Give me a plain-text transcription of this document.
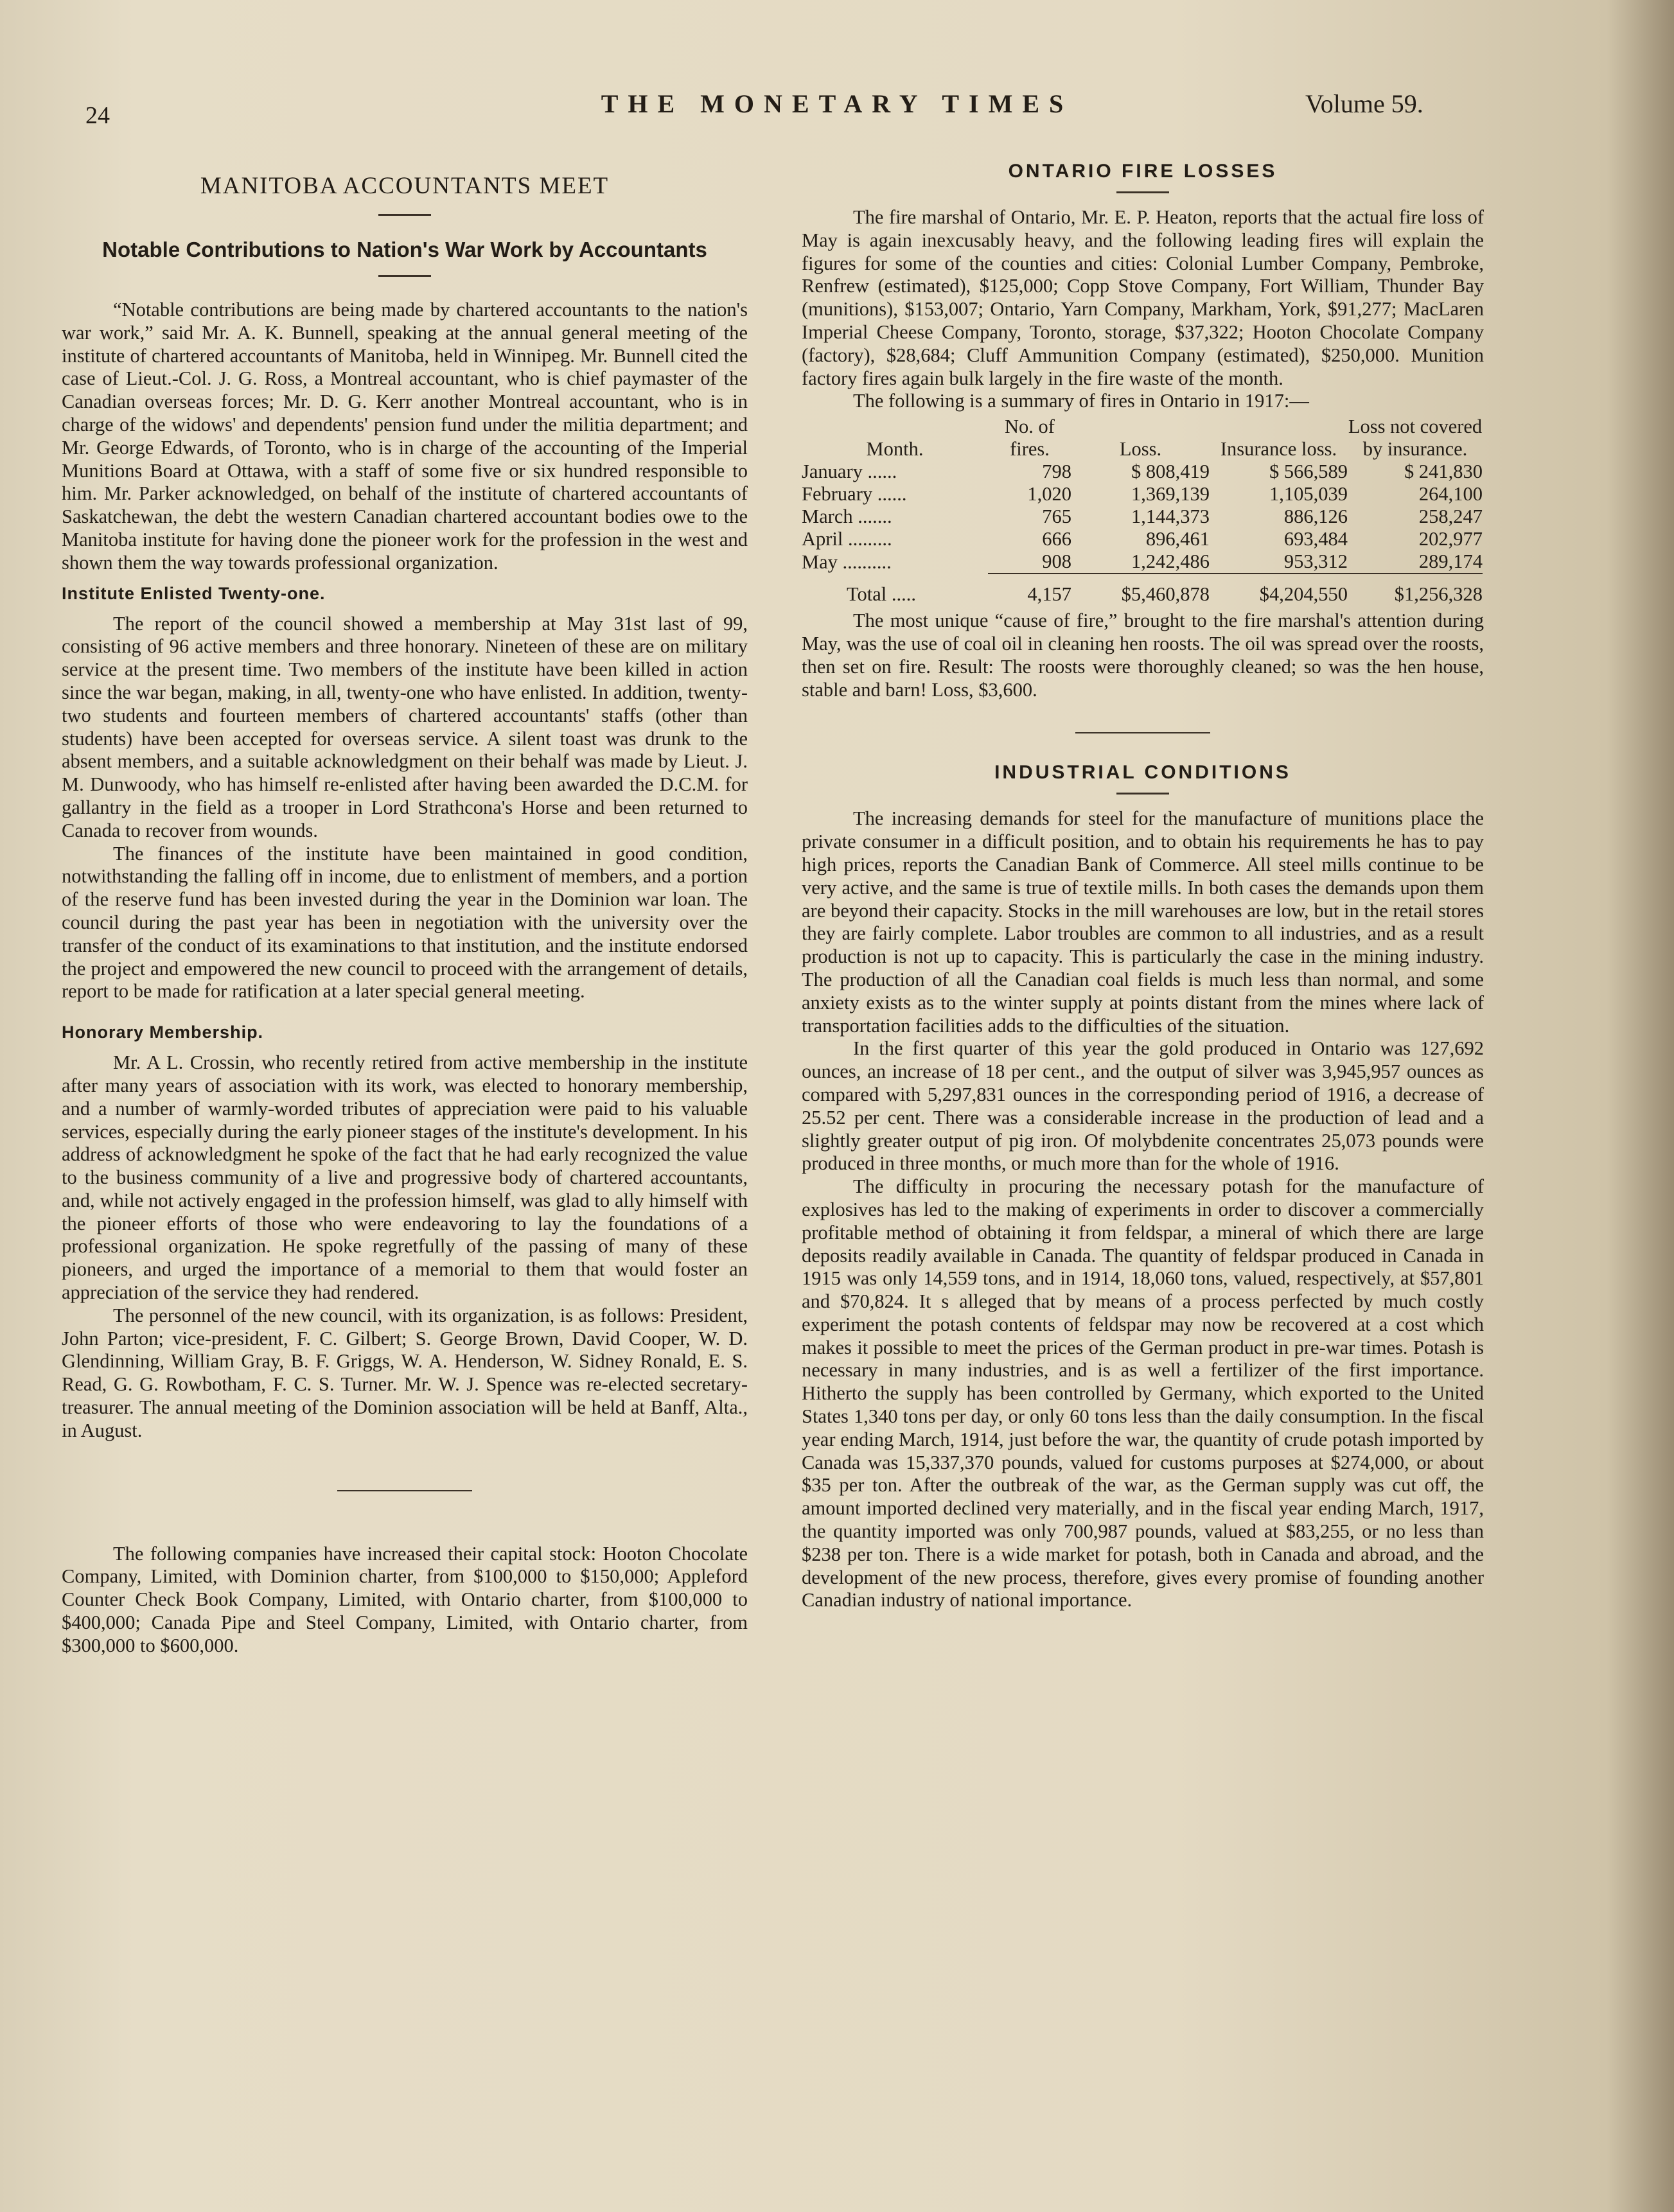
24	THE MONETARY TIMES	Volume 59.
MANITOBA ACCOUNTANTS MEET
Notable Contributions to Nation's War Work by Accountants

“Notable contributions are being made by chartered accountants to the nation's war work,” said Mr. A. K. Bunnell, speaking at the annual general meeting of the institute of chartered accountants of Manitoba, held in Winnipeg. Mr. Bunnell cited the case of Lieut.-Col. J. G. Ross, a Montreal accountant, who is chief paymaster of the Canadian overseas forces; Mr. D. G. Kerr another Montreal accountant, who is in charge of the widows' and dependents' pension fund under the militia department; and Mr. George Edwards, of Toronto, who is in charge of the accounting of the Imperial Munitions Board at Ottawa, with a staff of some five or six hundred responsible to him. Mr. Parker acknowledged, on behalf of the institute of chartered accountants of Saskatchewan, the debt the western Canadian chartered accountant bodies owe to the Manitoba institute for having done the pioneer work for the profession in the west and shown them the way towards professional organization.

Institute Enlisted Twenty-one.

The report of the council showed a membership at May 31st last of 99, consisting of 96 active members and three honorary. Nineteen of these are on military service at the present time. Two members of the institute have been killed in action since the war began, making, in all, twenty-one who have enlisted. In addition, twenty-two students and fourteen members of chartered accountants' staffs (other than students) have been accepted for overseas service. A silent toast was drunk to the absent members, and a suitable acknowledgment on their behalf was made by Lieut. J. M. Dunwoody, who has himself re-enlisted after having been awarded the D.C.M. for gallantry in the field as a trooper in Lord Strathcona's Horse and been returned to Canada to recover from wounds.

The finances of the institute have been maintained in good condition, notwithstanding the falling off in income, due to enlistment of members, and a portion of the reserve fund has been invested during the year in the Dominion war loan. The council during the past year has been in negotiation with the university over the transfer of the conduct of its examinations to that institution, and the institute endorsed the project and empowered the new council to proceed with the arrangement of details, report to be made for ratification at a later special general meeting.

Honorary Membership.

Mr. A L. Crossin, who recently retired from active membership in the institute after many years of association with its work, was elected to honorary membership, and a number of warmly-worded tributes of appreciation were paid to his valuable services, especially during the early pioneer stages of the institute's development. In his address of acknowledgment he spoke of the fact that he had early recognized the value to the business community of a live and progressive body of chartered accountants, and, while not actively engaged in the profession himself, was glad to ally himself with the pioneer efforts of those who were endeavoring to lay the foundations of a professional organization. He spoke regretfully of the passing of many of these pioneers, and urged the importance of a memorial to them that would foster an appreciation of the service they had rendered.

The personnel of the new council, with its organization, is as follows: President, John Parton; vice-president, F. C. Gilbert; S. George Brown, David Cooper, W. D. Glendinning, William Gray, B. F. Griggs, W. A. Henderson, W. Sidney Ronald, E. S. Read, G. G. Rowbotham, F. C. S. Turner. Mr. W. J. Spence was re-elected secretary-treasurer. The annual meeting of the Dominion association will be held at Banff, Alta., in August.

The following companies have increased their capital stock: Hooton Chocolate Company, Limited, with Dominion charter, from $100,000 to $150,000; Appleford Counter Check Book Company, Limited, with Ontario charter, from $100,000 to $400,000; Canada Pipe and Steel Company, Limited, with Ontario charter, from $300,000 to $600,000.

ONTARIO FIRE LOSSES

The fire marshal of Ontario, Mr. E. P. Heaton, reports that the actual fire loss of May is again inexcusably heavy, and the following leading fires will explain the figures for some of the counties and cities: Colonial Lumber Company, Pembroke, Renfrew (estimated), $125,000; Copp Stove Company, Fort William, Thunder Bay (munitions), $153,007; Ontario, Yarn Company, Markham, York, $91,277; MacLaren Imperial Cheese Company, Toronto, storage, $37,322; Hooton Chocolate Company (factory), $28,684; Cluff Ammunition Company (estimated), $250,000. Munition factory fires again bulk largely in the fire waste of the month.

The following is a summary of fires in Ontario in 1917:—

Month.	No. of fires.	Loss.	Insurance loss.	Loss not covered by insurance.
January ......	798	$ 808,419	$ 566,589	$ 241,830
February ......	1,020	1,369,139	1,105,039	264,100
March .......	765	1,144,373	886,126	258,247
April .........	666	896,461	693,484	202,977
May ..........	908	1,242,486	953,312	289,174
Total .....	4,157	$5,460,878	$4,204,550	$1,256,328

The most unique “cause of fire,” brought to the fire marshal's attention during May, was the use of coal oil in cleaning hen roosts. The oil was spread over the roosts, then set on fire. Result: The roosts were thoroughly cleaned; so was the hen house, stable and barn! Loss, $3,600.

INDUSTRIAL CONDITIONS

The increasing demands for steel for the manufacture of munitions place the private consumer in a difficult position, and to obtain his requirements he has to pay high prices, reports the Canadian Bank of Commerce. All steel mills continue to be very active, and the same is true of textile mills. In both cases the demands upon them are beyond their capacity. Stocks in the mill warehouses are low, but in the retail stores they are fairly complete. Labor troubles are common to all industries, and as a result production is not up to capacity. This is particularly the case in the mining industry. The production of all the Canadian coal fields is much less than normal, and some anxiety exists as to the winter supply at points distant from the mines where lack of transportation facilities adds to the difficulties of the situation.

In the first quarter of this year the gold produced in Ontario was 127,692 ounces, an increase of 18 per cent., and the output of silver was 3,945,957 ounces as compared with 5,297,831 ounces in the corresponding period of 1916, a decrease of 25.52 per cent. There was a considerable increase in the production of lead and a slightly greater output of pig iron. Of molybdenite concentrates 25,073 pounds were produced in three months, or much more than for the whole of 1916.

The difficulty in procuring the necessary potash for the manufacture of explosives has led to the making of experiments in order to discover a commercially profitable method of obtaining it from feldspar, a mineral of which there are large deposits readily available in Canada. The quantity of feldspar produced in Canada in 1915 was only 14,559 tons, and in 1914, 18,060 tons, valued, respectively, at $57,801 and $70,824. It s alleged that by means of a process perfected by much costly experiment the potash contents of feldspar may now be recovered at a cost which makes it possible to meet the prices of the German product in pre-war times. Potash is necessary in many industries, and is as well a fertilizer of the first importance. Hitherto the supply has been controlled by Germany, which exported to the United States 1,340 tons per day, or only 60 tons less than the daily consumption. In the fiscal year ending March, 1914, just before the war, the quantity of crude potash imported by Canada was 15,337,370 pounds, valued for customs purposes at $274,000, or about $35 per ton. After the outbreak of the war, as the German supply was cut off, the amount imported declined very materially, and in the fiscal year ending March, 1917, the quantity imported was only 700,987 pounds, valued at $83,255, or no less than $238 per ton. There is a wide market for potash, both in Canada and abroad, and the development of the new process, therefore, gives every promise of founding another Canadian industry of national importance.
